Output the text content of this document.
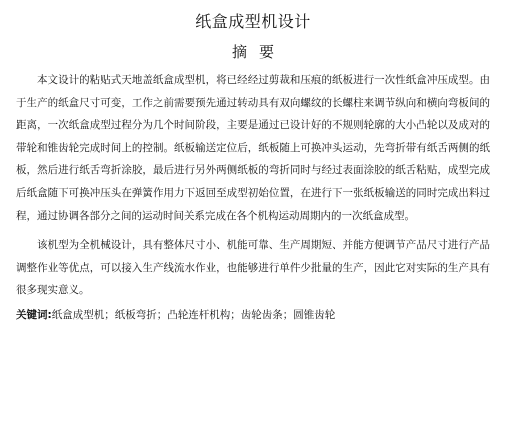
纸盒成型机设计
摘要

本文设计的粘贴式天地盖纸盒成型机，将已经经过剪裁和压痕的纸板进行一次性纸盒冲压成型。由于生产的纸盒尺寸可变，工作之前需要预先通过转动具有双向螺纹的长螺柱来调节纵向和横向弯板间的距离，一次纸盒成型过程分为几个时间阶段，主要是通过已设计好的不规则轮廓的大小凸轮以及成对的带轮和锥齿轮完成时间上的控制。纸板输送定位后，纸板随上可换冲头运动，先弯折带有纸舌两侧的纸板，然后进行纸舌弯折涂胶，最后进行另外两侧纸板的弯折同时与经过表面涂胶的纸舌粘贴，成型完成后纸盒随下可换冲压头在弹簧作用力下返回至成型初始位置，在进行下一张纸板输送的同时完成出料过程，通过协调各部分之间的运动时间关系完成在各个机构运动周期内的一次纸盒成型。

该机型为全机械设计，具有整体尺寸小、机能可靠、生产周期短、并能方便调节产品尺寸进行产品调整作业等优点，可以接入生产线流水作业，也能够进行单件少批量的生产，因此它对实际的生产具有很多现实意义。

关键词:纸盒成型机；纸板弯折；凸轮连杆机构；齿轮齿条；圆锥齿轮
